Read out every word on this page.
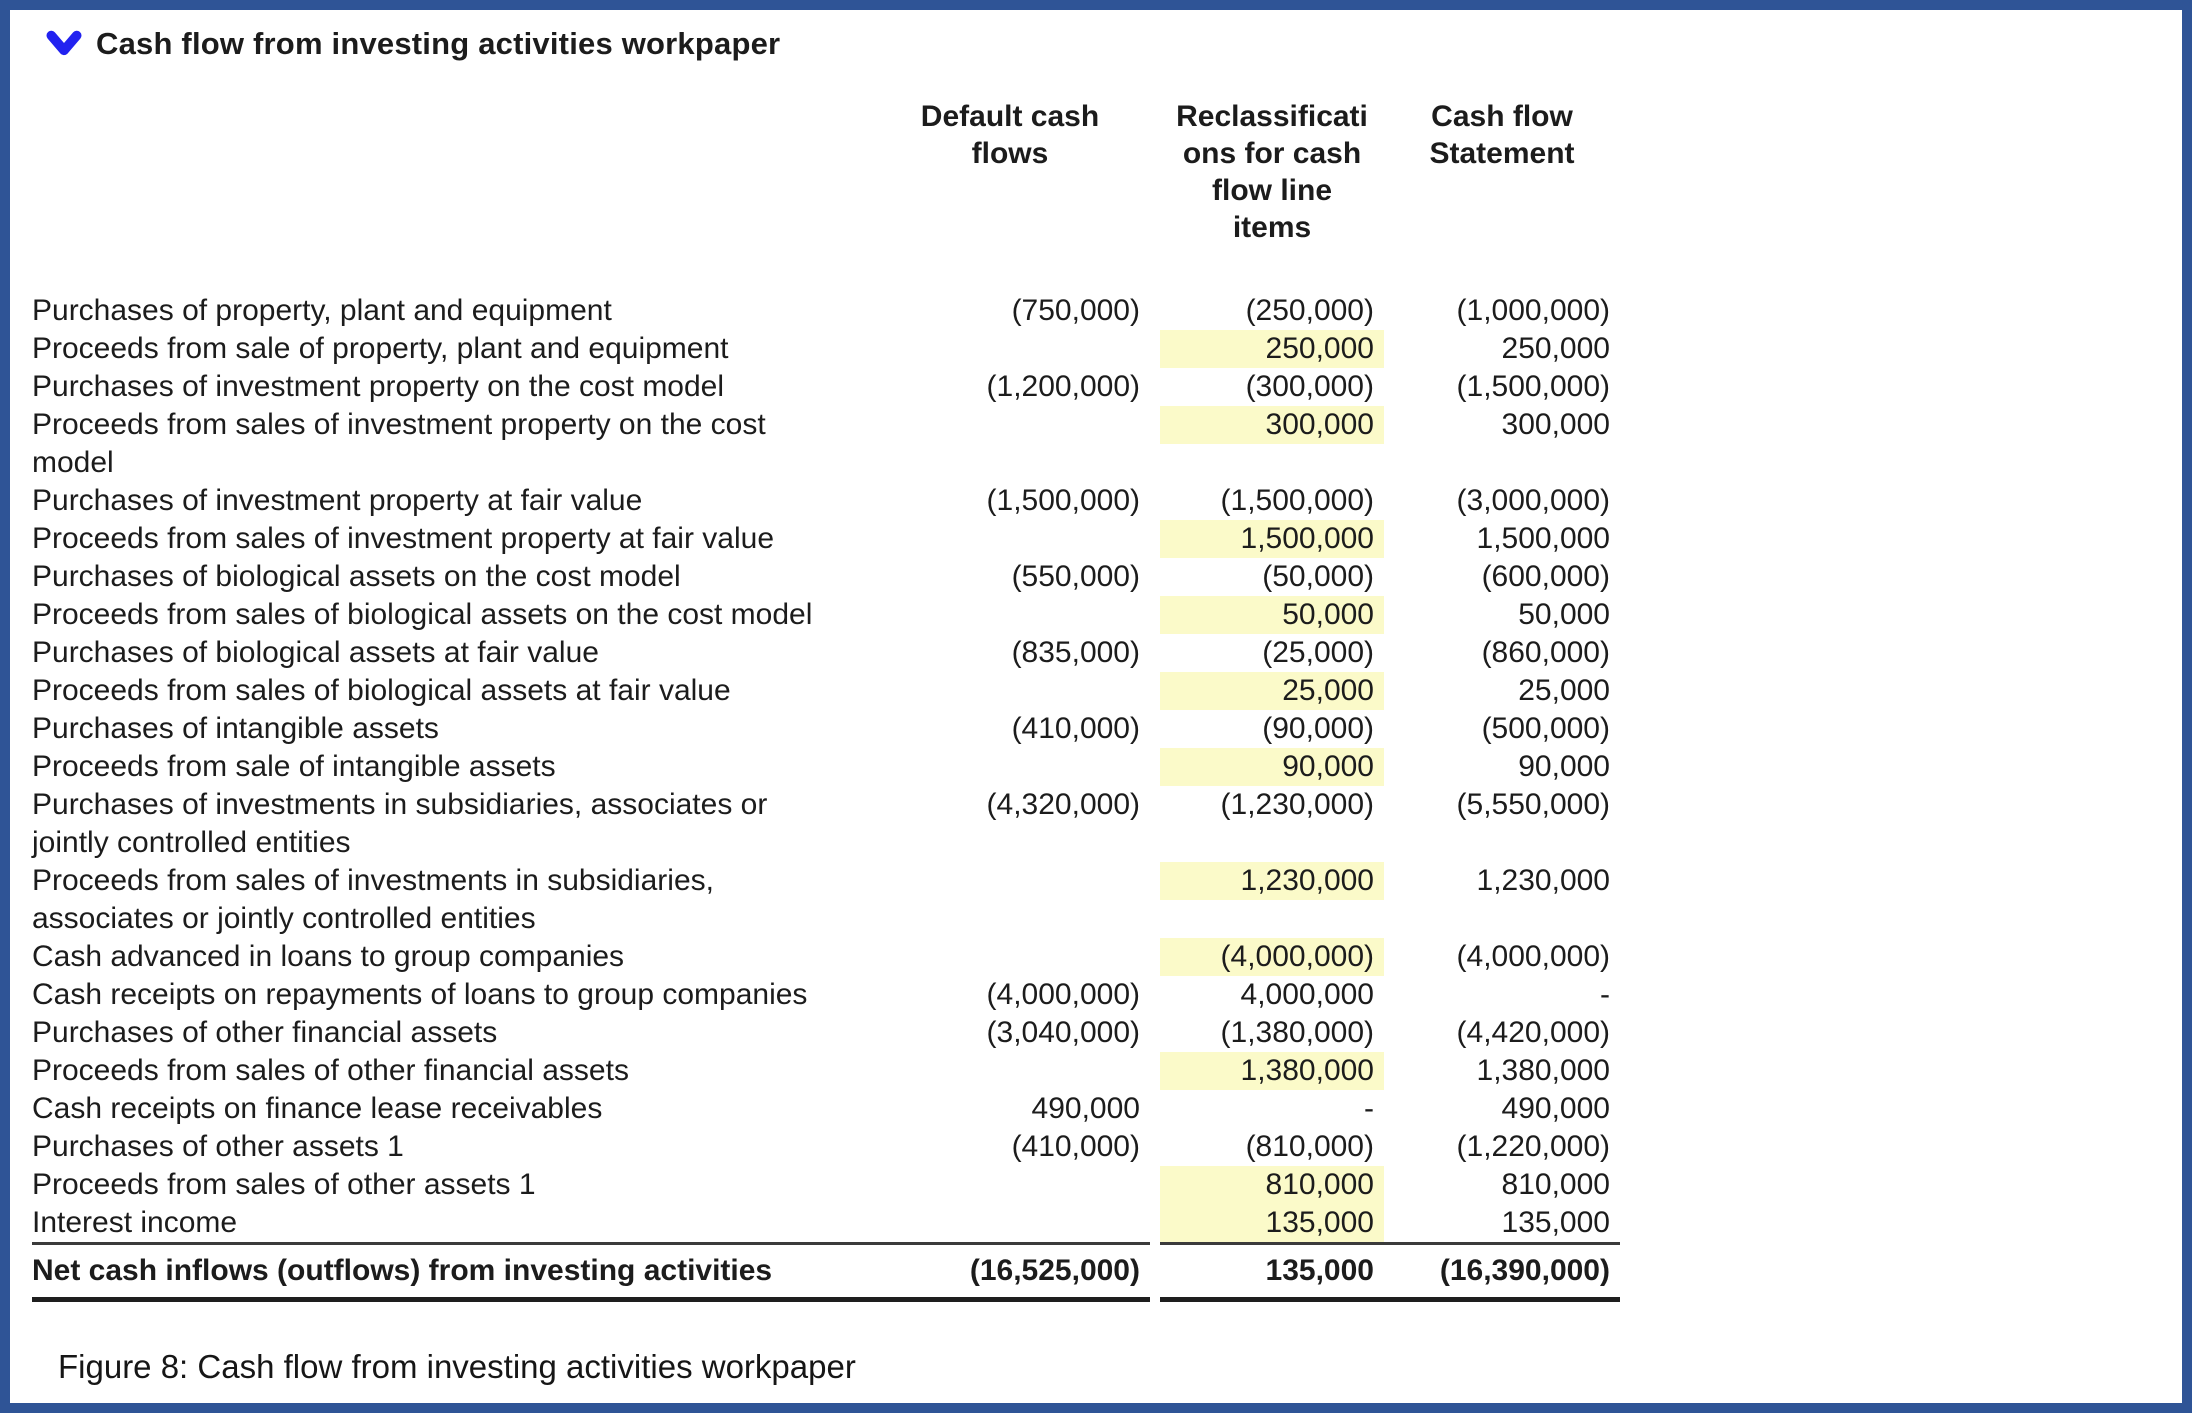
Cash flow from investing activities workpaper

	Default cash flows		Reclassifications for cash flow line items	Cash flow Statement

Purchases of property, plant and equipment	(750,000)		(250,000)	(1,000,000)

Proceeds from sale of property, plant and equipment			250,000	250,000

Purchases of investment property on the cost model	(1,200,000)		(300,000)	(1,500,000)

Proceeds from sales of investment property on the cost model			300,000	300,000

Purchases of investment property at fair value	(1,500,000)		(1,500,000)	(3,000,000)

Proceeds from sales of investment property at fair value			1,500,000	1,500,000

Purchases of biological assets on the cost model	(550,000)		(50,000)	(600,000)

Proceeds from sales of biological assets on the cost model			50,000	50,000

Purchases of biological assets at fair value	(835,000)		(25,000)	(860,000)

Proceeds from sales of biological assets at fair value			25,000	25,000

Purchases of intangible assets	(410,000)		(90,000)	(500,000)

Proceeds from sale of intangible assets			90,000	90,000

Purchases of investments in subsidiaries, associates or jointly controlled entities	(4,320,000)		(1,230,000)	(5,550,000)

Proceeds from sales of investments in subsidiaries, associates or jointly controlled entities			1,230,000	1,230,000

Cash advanced in loans to group companies			(4,000,000)	(4,000,000)

Cash receipts on repayments of loans to group companies	(4,000,000)		4,000,000	-

Purchases of other financial assets	(3,040,000)		(1,380,000)	(4,420,000)

Proceeds from sales of other financial assets			1,380,000	1,380,000

Cash receipts on finance lease receivables	490,000		-	490,000

Purchases of other assets 1	(410,000)		(810,000)	(1,220,000)

Proceeds from sales of other assets 1			810,000	810,000

Interest income			135,000	135,000

Net cash inflows (outflows) from investing activities	(16,525,000)		135,000	(16,390,000)
Figure 8: Cash flow from investing activities workpaper
